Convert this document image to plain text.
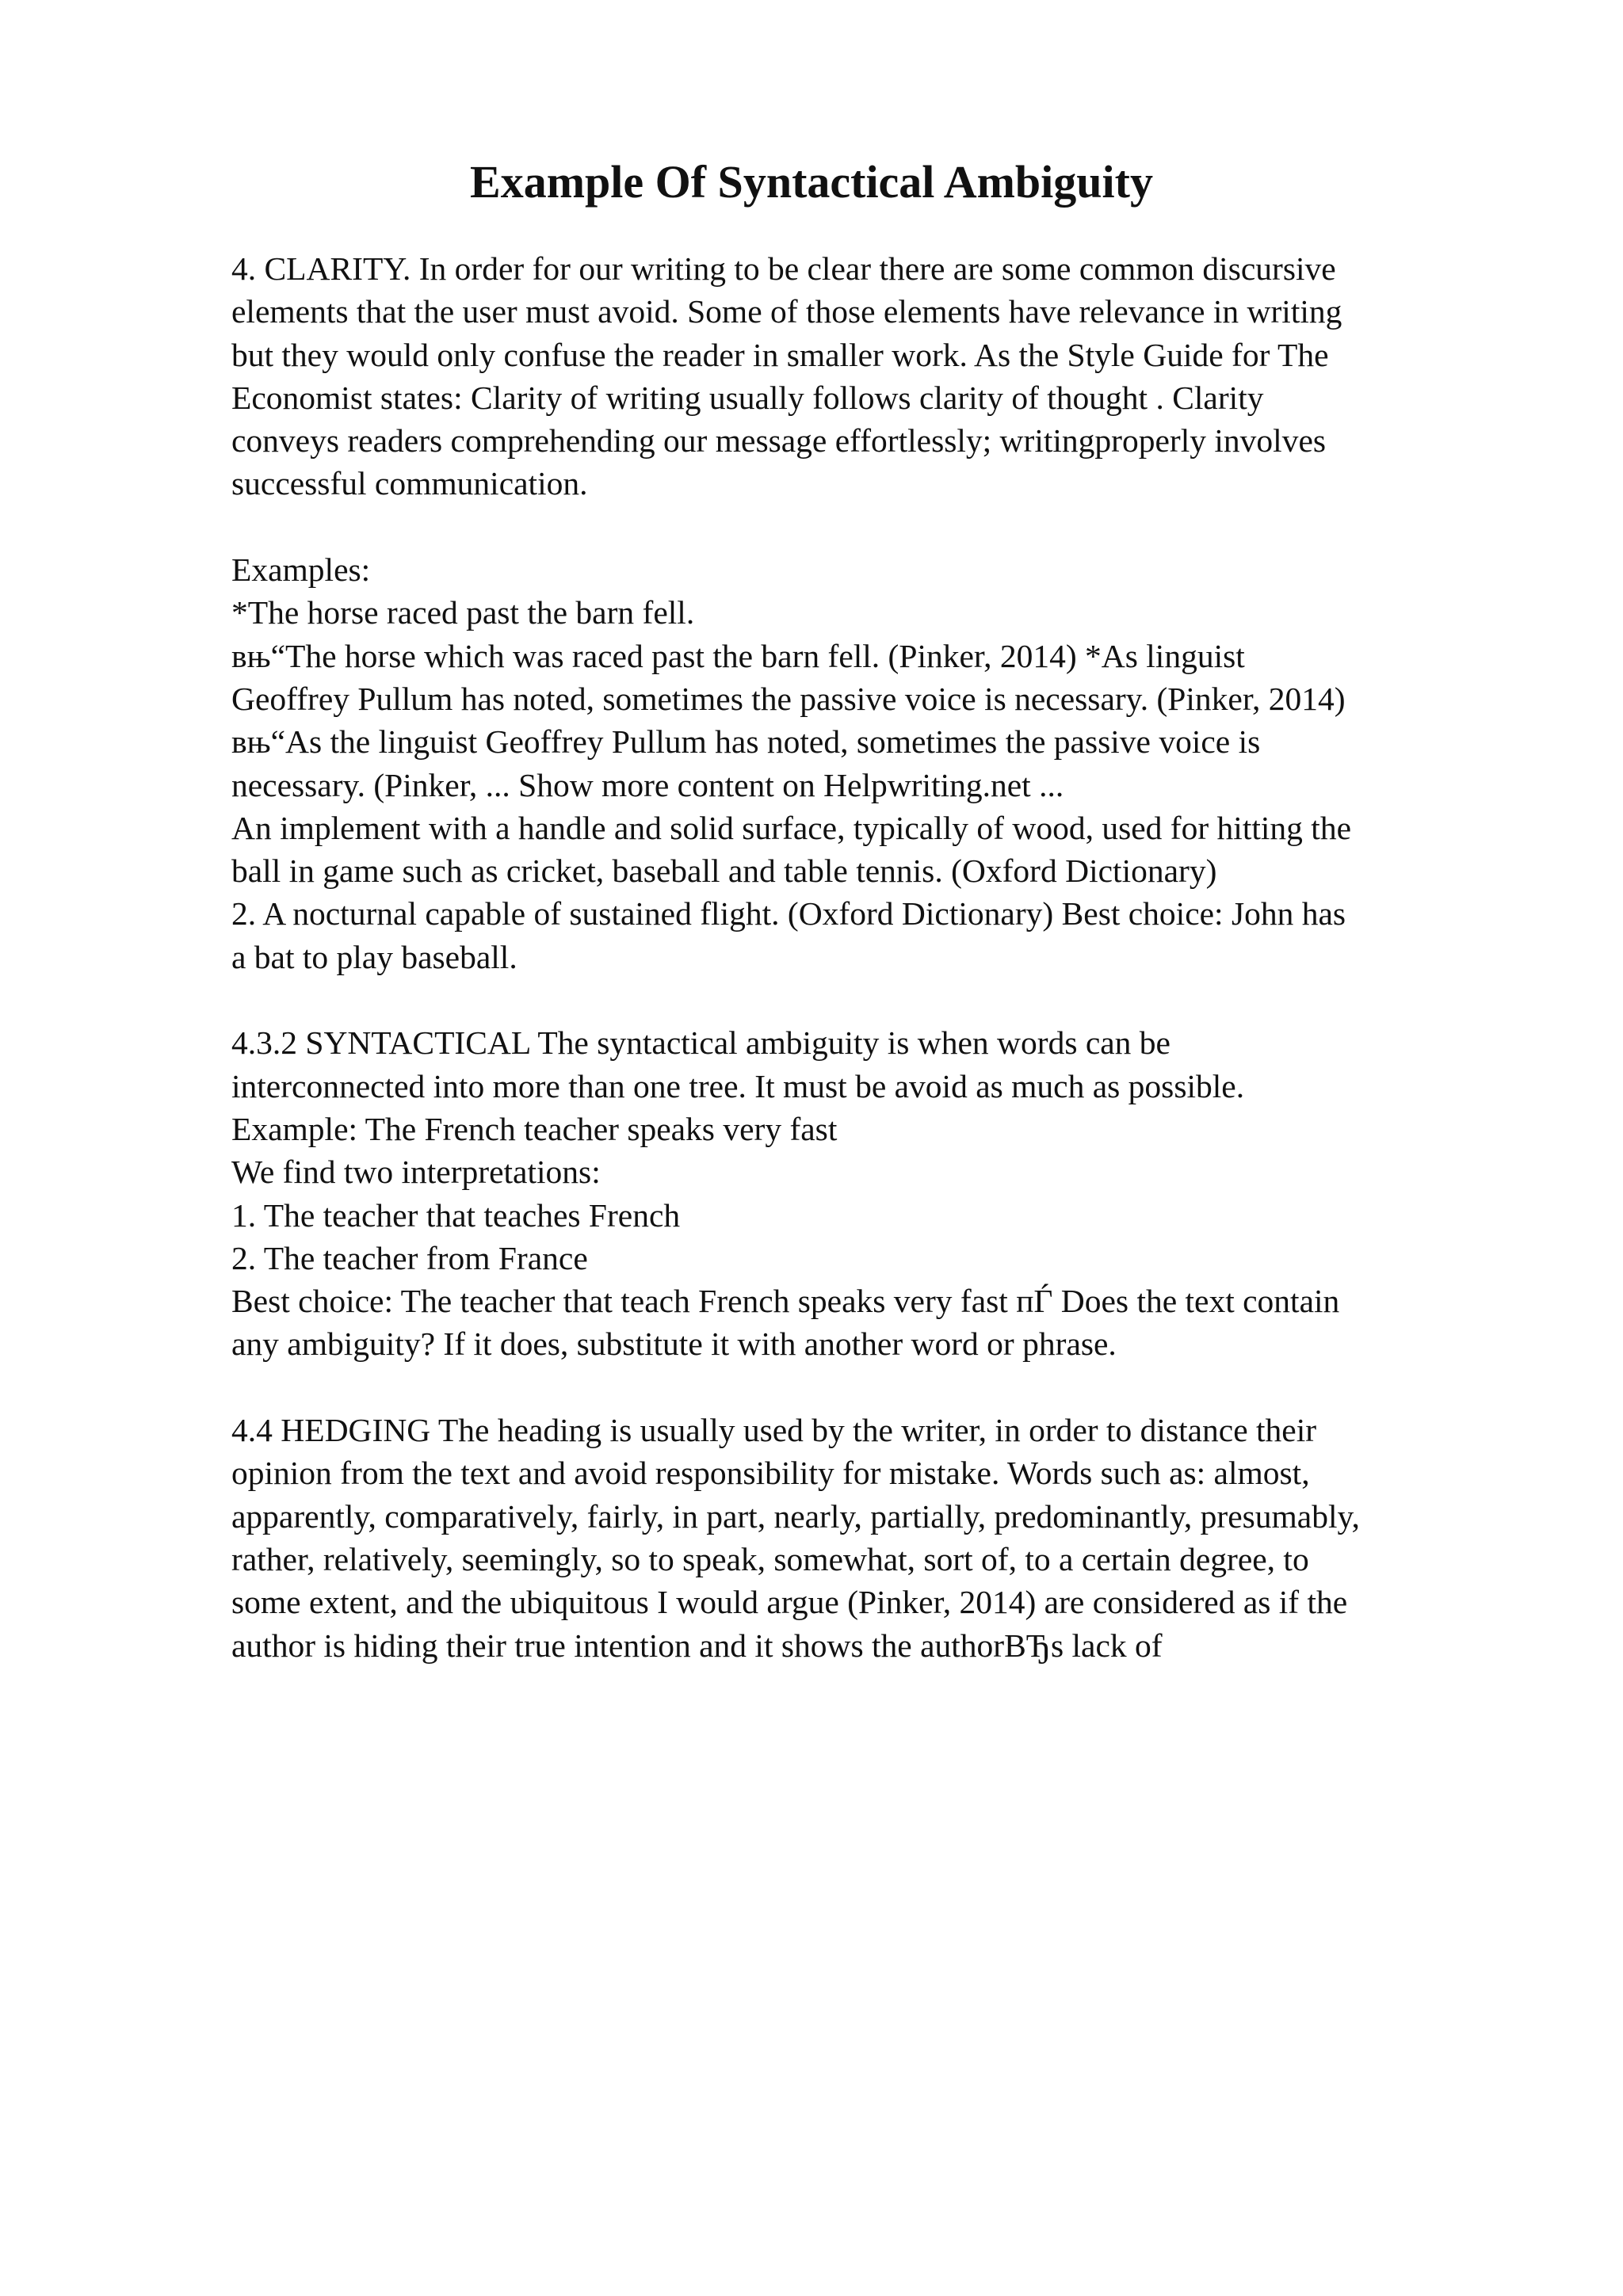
Example Of Syntactical Ambiguity
4. CLARITY. In order for our writing to be clear there are some common discursive
elements that the user must avoid. Some of those elements have relevance in writing
but they would only confuse the reader in smaller work. As the Style Guide for The
Economist states: Clarity of writing usually follows clarity of thought . Clarity
conveys readers comprehending our message effortlessly; writingproperly involves
successful communication.
Examples:
*The horse raced past the barn fell.
вњ“The horse which was raced past the barn fell. (Pinker, 2014) *As linguist
Geoffrey Pullum has noted, sometimes the passive voice is necessary. (Pinker, 2014)
вњ“As the linguist Geoffrey Pullum has noted, sometimes the passive voice is
necessary. (Pinker, ... Show more content on Helpwriting.net ...
An implement with a handle and solid surface, typically of wood, used for hitting the
ball in game such as cricket, baseball and table tennis. (Oxford Dictionary)
2. A nocturnal capable of sustained flight. (Oxford Dictionary) Best choice: John has
a bat to play baseball.
4.3.2 SYNTACTICAL The syntactical ambiguity is when words can be
interconnected into more than one tree. It must be avoid as much as possible.
Example: The French teacher speaks very fast
We find two interpretations:
1. The teacher that teaches French
2. The teacher from France
Best choice: The teacher that teach French speaks very fast пЃ Does the text contain
any ambiguity? If it does, substitute it with another word or phrase.
4.4 HEDGING The heading is usually used by the writer, in order to distance their
opinion from the text and avoid responsibility for mistake. Words such as: almost,
apparently, comparatively, fairly, in part, nearly, partially, predominantly, presumably,
rather, relatively, seemingly, so to speak, somewhat, sort of, to a certain degree, to
some extent, and the ubiquitous I would argue (Pinker, 2014) are considered as if the
author is hiding their true intention and it shows the authorBЂs lack of
